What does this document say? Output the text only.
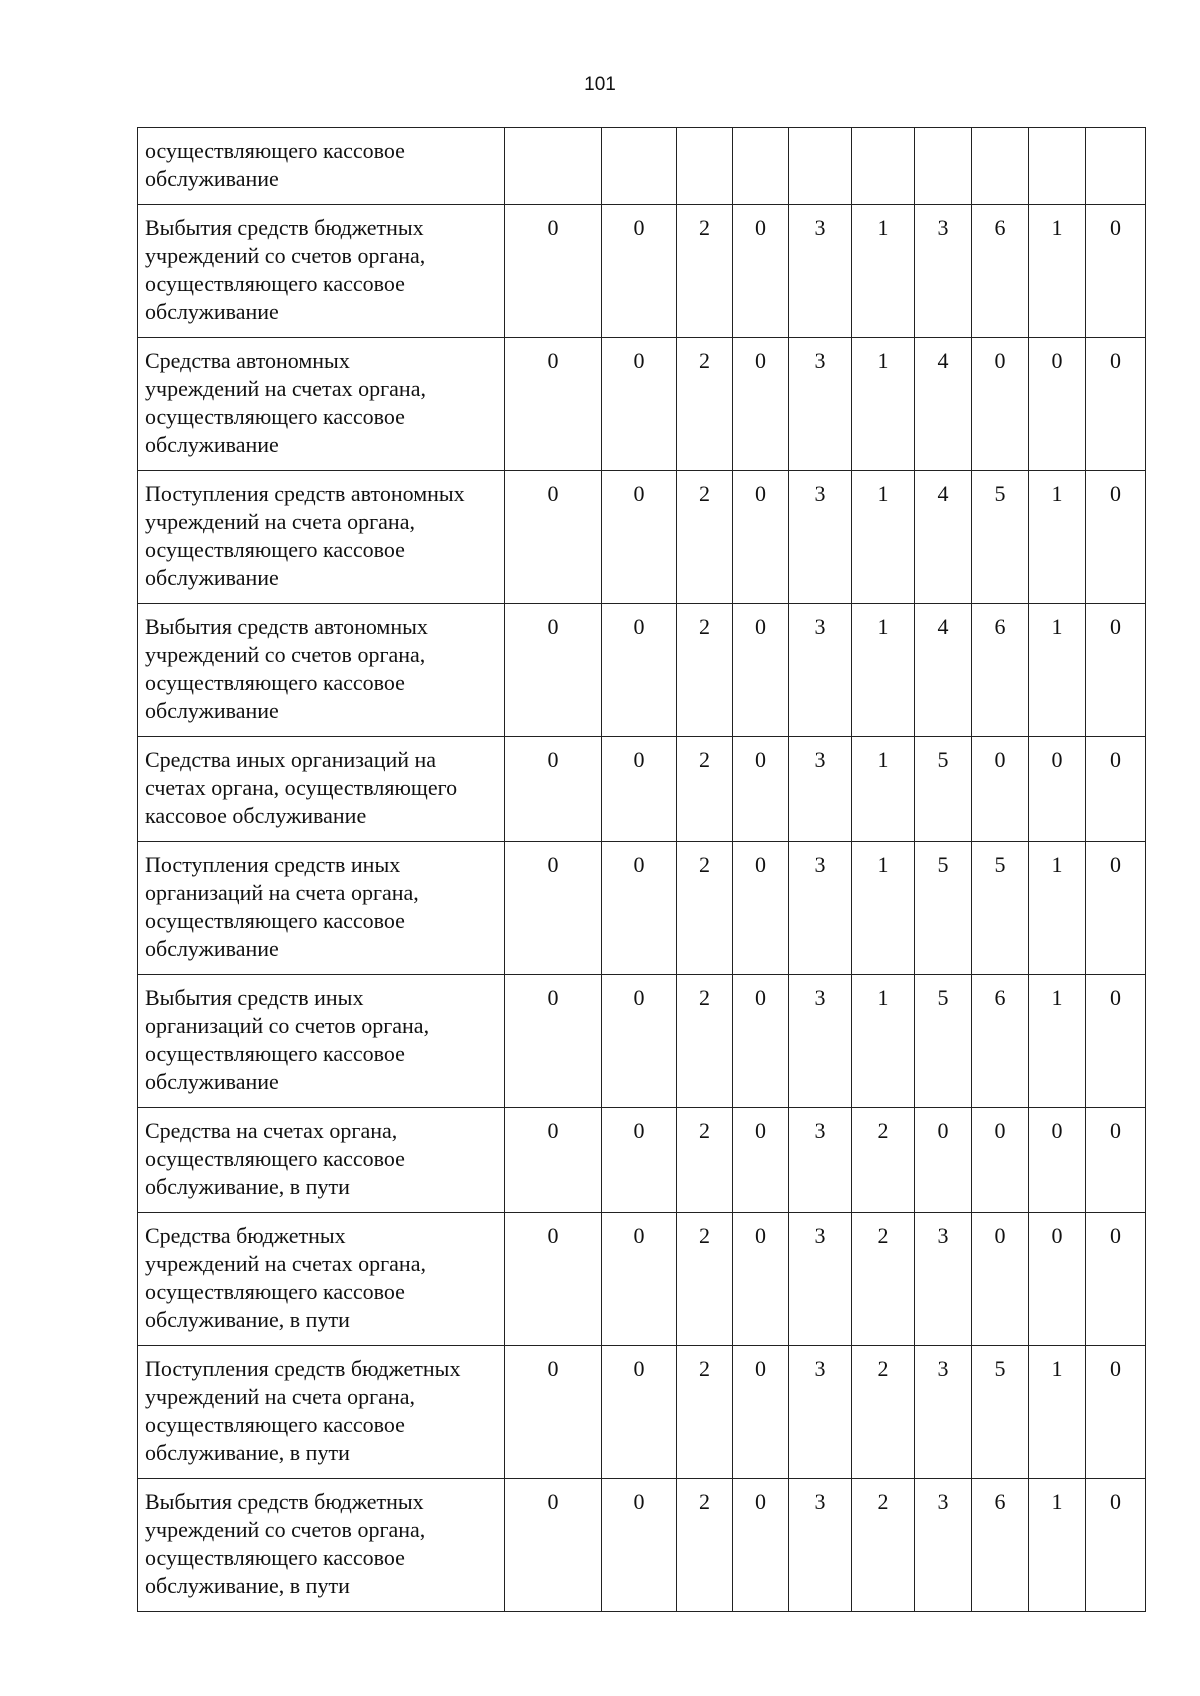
101
осуществляющего кассовое
обслуживание										
Выбытия средств бюджетных
учреждений со счетов органа,
осуществляющего кассовое
обслуживание	0	0	2	0	3	1	3	6	1	0
Средства автономных
учреждений на счетах органа,
осуществляющего кассовое
обслуживание	0	0	2	0	3	1	4	0	0	0
Поступления средств автономных
учреждений на счета органа,
осуществляющего кассовое
обслуживание	0	0	2	0	3	1	4	5	1	0
Выбытия средств автономных
учреждений со счетов органа,
осуществляющего кассовое
обслуживание	0	0	2	0	3	1	4	6	1	0
Средства иных организаций на
счетах органа, осуществляющего
кассовое обслуживание	0	0	2	0	3	1	5	0	0	0
Поступления средств иных
организаций на счета органа,
осуществляющего кассовое
обслуживание	0	0	2	0	3	1	5	5	1	0
Выбытия средств иных
организаций со счетов органа,
осуществляющего кассовое
обслуживание	0	0	2	0	3	1	5	6	1	0
Средства на счетах органа,
осуществляющего кассовое
обслуживание, в пути	0	0	2	0	3	2	0	0	0	0
Средства бюджетных
учреждений на счетах органа,
осуществляющего кассовое
обслуживание, в пути	0	0	2	0	3	2	3	0	0	0
Поступления средств бюджетных
учреждений на счета органа,
осуществляющего кассовое
обслуживание, в пути	0	0	2	0	3	2	3	5	1	0
Выбытия средств бюджетных
учреждений со счетов органа,
осуществляющего кассовое
обслуживание, в пути	0	0	2	0	3	2	3	6	1	0
